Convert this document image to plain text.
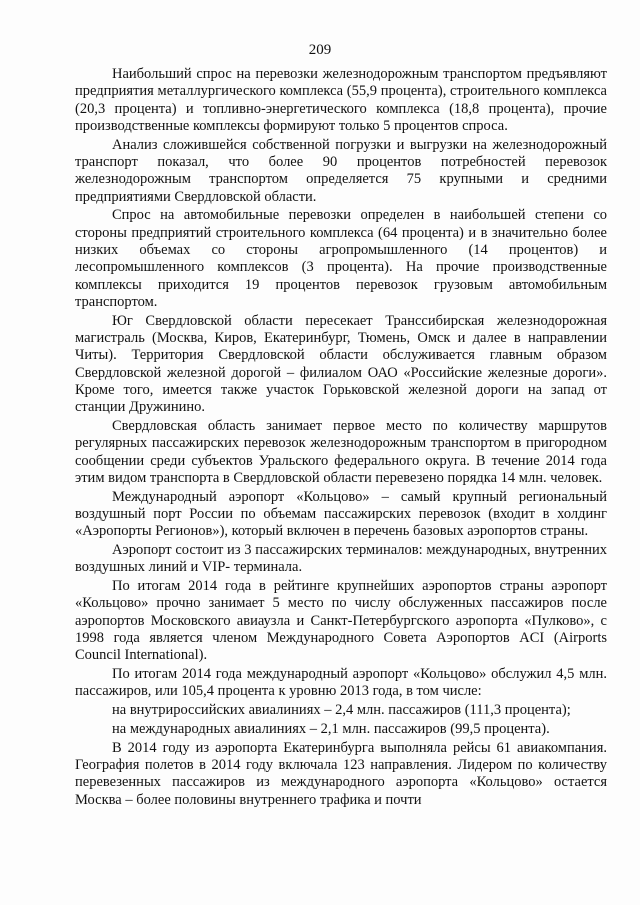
209

Наибольший спрос на перевозки железнодорожным транспортом предъявляют предприятия металлургического комплекса (55,9 процента), строительного комплекса (20,3 процента) и топливно-энергетического комплекса (18,8 процента), прочие производственные комплексы формируют только 5 процентов спроса.

Анализ сложившейся собственной погрузки и выгрузки на железнодорожный транспорт показал, что более 90 процентов потребностей перевозок железнодорожным транспортом определяется 75 крупными и средними предприятиями Свердловской области.

Спрос на автомобильные перевозки определен в наибольшей степени со стороны предприятий строительного комплекса (64 процента) и в значительно более низких объемах со стороны агропромышленного (14 процентов) и лесопромышленного комплексов (3 процента). На прочие производственные комплексы приходится 19 процентов перевозок грузовым автомобильным транспортом.

Юг Свердловской области пересекает Транссибирская железнодорожная магистраль (Москва, Киров, Екатеринбург, Тюмень, Омск и далее в направлении Читы). Территория Свердловской области обслуживается главным образом Свердловской железной дорогой – филиалом ОАО «Российские железные дороги». Кроме того, имеется также участок Горьковской железной дороги на запад от станции Дружинино.

Свердловская область занимает первое место по количеству маршрутов регулярных пассажирских перевозок железнодорожным транспортом в пригородном сообщении среди субъектов Уральского федерального округа. В течение 2014 года этим видом транспорта в Свердловской области перевезено порядка 14 млн. человек.

Международный аэропорт «Кольцово» – самый крупный региональный воздушный порт России по объемам пассажирских перевозок (входит в холдинг «Аэропорты Регионов»), который включен в перечень базовых аэропортов страны.

Аэропорт состоит из 3 пассажирских терминалов: международных, внутренних воздушных линий и VIP- терминала.

По итогам 2014 года в рейтинге крупнейших аэропортов страны аэропорт «Кольцово» прочно занимает 5 место по числу обслуженных пассажиров после аэропортов Московского авиаузла и Санкт-Петербургского аэропорта «Пулково», с 1998 года является членом Международного Совета Аэропортов ACI (Airports Council International).

По итогам 2014 года международный аэропорт «Кольцово» обслужил 4,5 млн. пассажиров, или 105,4 процента к уровню 2013 года, в том числе:

на внутрироссийских авиалиниях – 2,4 млн. пассажиров (111,3 процента);

на международных авиалиниях – 2,1 млн. пассажиров (99,5 процента).

В 2014 году из аэропорта Екатеринбурга выполняла рейсы 61 авиакомпания. География полетов в 2014 году включала 123 направления. Лидером по количеству перевезенных пассажиров из международного аэропорта «Кольцово» остается Москва – более половины внутреннего трафика и почти
